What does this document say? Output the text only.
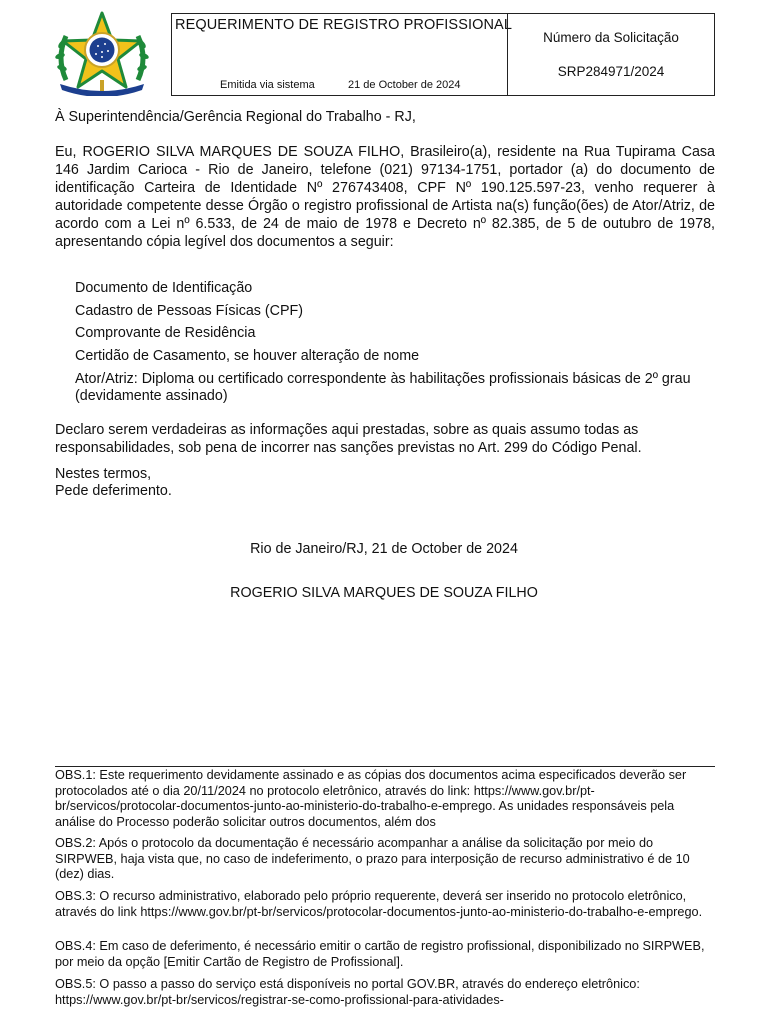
REQUERIMENTO DE REGISTRO PROFISSIONAL
Emitida via sistema	21 de October de 2024
Número da Solicitação
SRP284971/2024
À Superintendência/Gerência Regional do Trabalho - RJ,
Eu, ROGERIO SILVA MARQUES DE SOUZA FILHO, Brasileiro(a), residente na Rua Tupirama Casa 146 Jardim Carioca - Rio de Janeiro, telefone (021) 97134-1751, portador (a) do documento de identificação Carteira de Identidade Nº 276743408, CPF Nº 190.125.597-23, venho requerer à autoridade competente desse Órgão o registro profissional de Artista na(s) função(ões) de Ator/Atriz, de acordo com a Lei nº 6.533, de 24 de maio de 1978 e Decreto nº 82.385, de 5 de outubro de 1978, apresentando cópia legível dos documentos a seguir:
Documento de Identificação
Cadastro de Pessoas Físicas (CPF)
Comprovante de Residência
Certidão de Casamento, se houver alteração de nome
Ator/Atriz: Diploma ou certificado correspondente às habilitações profissionais básicas de 2º grau
(devidamente assinado)
Declaro serem verdadeiras as informações aqui prestadas, sobre as quais assumo todas as responsabilidades, sob pena de incorrer nas sanções previstas no Art. 299 do Código Penal.
Nestes termos,
Pede deferimento.
Rio de Janeiro/RJ, 21 de October de 2024
ROGERIO SILVA MARQUES DE SOUZA FILHO
OBS.1: Este requerimento devidamente assinado e as cópias dos documentos acima especificados deverão ser protocolados até o dia 20/11/2024 no protocolo eletrônico, através do link: https://www.gov.br/pt-br/servicos/protocolar-documentos-junto-ao-ministerio-do-trabalho-e-emprego. As unidades responsáveis pela análise do Processo poderão solicitar outros documentos, além dos
OBS.2: Após o protocolo da documentação é necessário acompanhar a análise da solicitação por meio do SIRPWEB, haja vista que, no caso de indeferimento, o prazo para interposição de recurso administrativo é de 10 (dez) dias.
OBS.3: O recurso administrativo, elaborado pelo próprio requerente, deverá ser inserido no protocolo eletrônico, através do link https://www.gov.br/pt-br/servicos/protocolar-documentos-junto-ao-ministerio-do-trabalho-e-emprego.
OBS.4: Em caso de deferimento, é necessário emitir o cartão de registro profissional, disponibilizado no SIRPWEB, por meio da opção [Emitir Cartão de Registro de Profissional].
OBS.5: O passo a passo do serviço está disponíveis no portal GOV.BR, através do endereço eletrônico: https://www.gov.br/pt-br/servicos/registrar-se-como-profissional-para-atividades-
